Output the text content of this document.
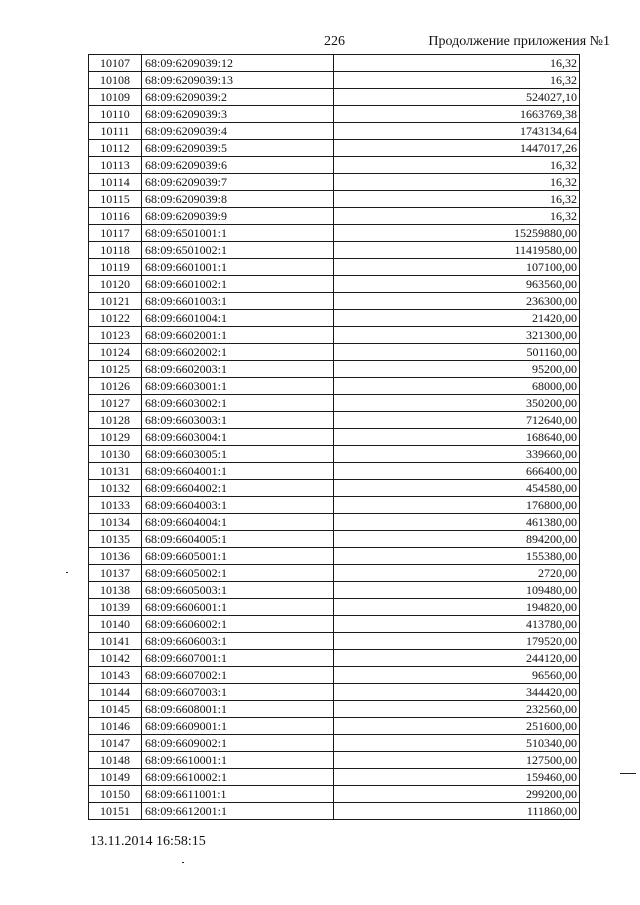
226	Продолжение приложения №1
10107	68:09:6209039:12	16,32
10108	68:09:6209039:13	16,32
10109	68:09:6209039:2	524027,10
10110	68:09:6209039:3	1663769,38
10111	68:09:6209039:4	1743134,64
10112	68:09:6209039:5	1447017,26
10113	68:09:6209039:6	16,32
10114	68:09:6209039:7	16,32
10115	68:09:6209039:8	16,32
10116	68:09:6209039:9	16,32
10117	68:09:6501001:1	15259880,00
10118	68:09:6501002:1	11419580,00
10119	68:09:6601001:1	107100,00
10120	68:09:6601002:1	963560,00
10121	68:09:6601003:1	236300,00
10122	68:09:6601004:1	21420,00
10123	68:09:6602001:1	321300,00
10124	68:09:6602002:1	501160,00
10125	68:09:6602003:1	95200,00
10126	68:09:6603001:1	68000,00
10127	68:09:6603002:1	350200,00
10128	68:09:6603003:1	712640,00
10129	68:09:6603004:1	168640,00
10130	68:09:6603005:1	339660,00
10131	68:09:6604001:1	666400,00
10132	68:09:6604002:1	454580,00
10133	68:09:6604003:1	176800,00
10134	68:09:6604004:1	461380,00
10135	68:09:6604005:1	894200,00
10136	68:09:6605001:1	155380,00
10137	68:09:6605002:1	2720,00
10138	68:09:6605003:1	109480,00
10139	68:09:6606001:1	194820,00
10140	68:09:6606002:1	413780,00
10141	68:09:6606003:1	179520,00
10142	68:09:6607001:1	244120,00
10143	68:09:6607002:1	96560,00
10144	68:09:6607003:1	344420,00
10145	68:09:6608001:1	232560,00
10146	68:09:6609001:1	251600,00
10147	68:09:6609002:1	510340,00
10148	68:09:6610001:1	127500,00
10149	68:09:6610002:1	159460,00
10150	68:09:6611001:1	299200,00
10151	68:09:6612001:1	111860,00
13.11.2014 16:58:15
